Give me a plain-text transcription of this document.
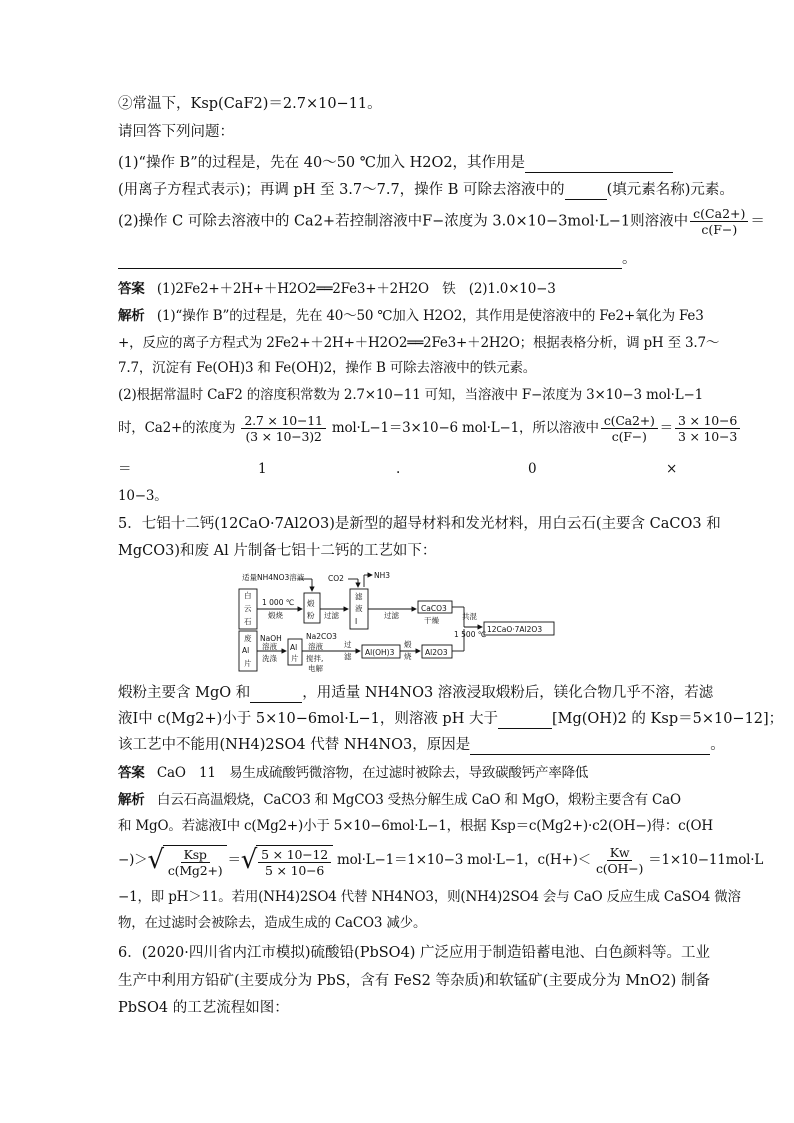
②常温下，Ksp(CaF2)＝2.7×10−11。
请回答下列问题：
(1)“操作 B”的过程是，先在 40～50 ℃加入 H2O2，其作用是
(用离子方程式表示)；再调 pH 至 3.7～7.7，操作 B 可除去溶液中的	(填元素名称)元素。
(2)操作 C 可除去溶液中的 Ca2+若控制溶液中F−浓度为 3.0×10−3mol·L−1则溶液中 $\frac{c(Ca2+)}{c(F-)}$ ＝
。
答案 (1)2Fe2+＋2H+＋H2O2══2Fe3+＋2H2O　铁　(2)1.0×10−3
解析 (1)“操作 B”的过程是，先在 40～50 ℃加入 H2O2，其作用是使溶液中的 Fe2+氧化为 Fe3
+，反应的离子方程式为 2Fe2+＋2H+＋H2O2══2Fe3+＋2H2O；根据表格分析，调 pH 至 3.7～
7.7，沉淀有 Fe(OH)3 和 Fe(OH)2，操作 B 可除去溶液中的铁元素。
(2)根据常温时 CaF2 的溶度积常数为 2.7×10−11 可知，当溶液中 F−浓度为 3×10−3 mol·L−1
时，Ca2+的浓度为 $\frac{2.7 \times 10-11}{(3 \times 10-3)2} mol\cdot L-1=3\times 10-6$ mol·L−1，所以溶液中 $\frac{c(Ca2+)}{c(F-)} = \frac{3 \times 10-6}{3 \times 10-3}$
＝	1	.	0	×
10−3。
5．七铝十二钙(12CaO·7Al2O3)是新型的超导材料和发光材料，用白云石(主要含 CaCO3 和
MgCO3)和废 Al 片制备七铝十二钙的工艺如下：
适量NH4NO3溶液	CO2	NH3
白
云
石
1 000 ℃
煅烧
煅
粉 过滤
滤
液
Ⅰ
过滤
CaCO3
干燥	共混
1 500 ℃
12CaO·7Al2O3
废
Al
片
NaOH
溶液
洗涤
Al
片
Na2CO3
溶液
搅拌,
电解
过
滤 Al(OH)3
煅
烧 Al2O3
煅粉主要含 MgO 和	，用适量 NH4NO3 溶液浸取煅粉后，镁化合物几乎不溶，若滤
液Ⅰ中 c(Mg2+)小于 5×10−6mol·L−1，则溶液 pH 大于	[Mg(OH)2 的 Ksp＝5×10−12]；
该工艺中不能用(NH4)2SO4 代替 NH4NO3，原因是	。
答案 CaO　11　易生成硫酸钙微溶物，在过滤时被除去，导致碳酸钙产率降低
解析 白云石高温煅烧，CaCO3 和 MgCO3 受热分解生成 CaO 和 MgO，煅粉主要含有 CaO
和 MgO。若滤液Ⅰ中 c(Mg2+)小于 5×10−6mol·L−1，根据 Ksp＝c(Mg2+)·c2(OH−)得：c(OH
−)＞ √ $\frac{\text{Ksp}}{c(Mg2+)}$ ＝ √ $\frac{5 \times 10-12}{5 \times 10-6} mol\cdot L-1=1\times 10-3$ mol·L−1，$c(H+)< \frac{Kw}{c(OH-)} =1\times 10-11mol\cdot L$
−1，即 pH＞11。若用(NH4)2SO4 代替 NH4NO3，则(NH4)2SO4 会与 CaO 反应生成 CaSO4 微溶
物，在过滤时会被除去，造成生成的 CaCO3 减少。
6．(2020·四川省内江市模拟)硫酸铅(PbSO4) 广泛应用于制造铅蓄电池、白色颜料等。工业
生产中利用方铅矿(主要成分为 PbS，含有 FeS2 等杂质)和软锰矿(主要成分为 MnO2) 制备
PbSO4 的工艺流程如图：
